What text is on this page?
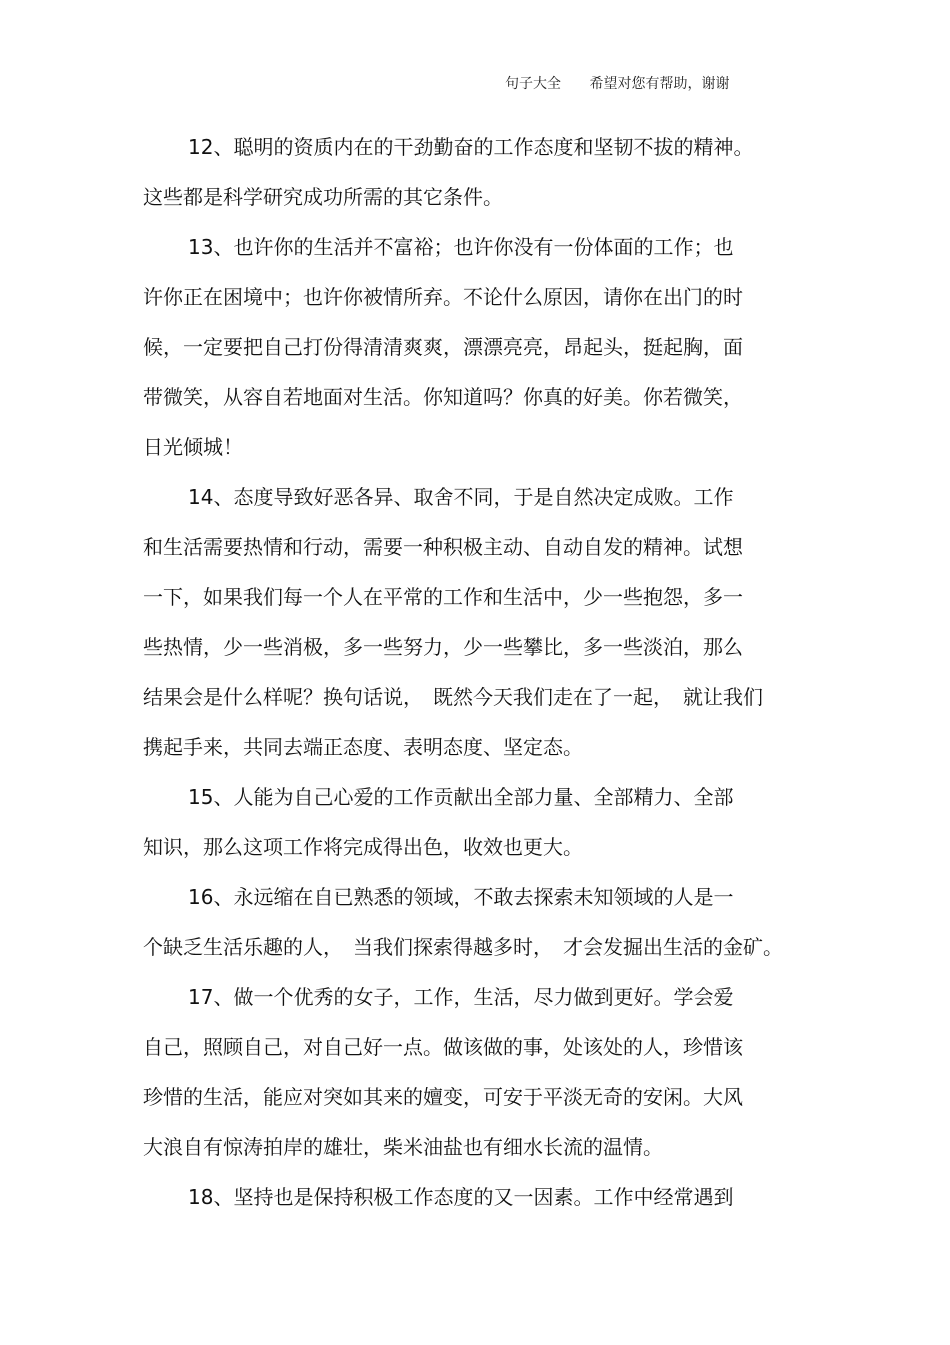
句子大全 希望对您有帮助，谢谢
12、聪明的资质内在的干劲勤奋的工作态度和坚韧不拔的精神。
这些都是科学研究成功所需的其它条件。
13、也许你的生活并不富裕；也许你没有一份体面的工作；也
许你正在困境中；也许你被情所弃。不论什么原因，请你在出门的时
候，一定要把自己打份得清清爽爽，漂漂亮亮，昂起头，挺起胸，面
带微笑，从容自若地面对生活。你知道吗？你真的好美。你若微笑，
日光倾城！
14、态度导致好恶各异、取舍不同，于是自然决定成败。工作
和生活需要热情和行动，需要一种积极主动、自动自发的精神。试想
一下，如果我们每一个人在平常的工作和生活中，少一些抱怨，多一
些热情，少一些消极，多一些努力，少一些攀比，多一些淡泊，那么
结果会是什么样呢？换句话说，　既然今天我们走在了一起，　就让我们
携起手来，共同去端正态度、表明态度、坚定态。
15、人能为自己心爱的工作贡献出全部力量、全部精力、全部
知识，那么这项工作将完成得出色，收效也更大。
16、永远缩在自已熟悉的领域，不敢去探索未知领域的人是一
个缺乏生活乐趣的人，　当我们探索得越多时，　才会发掘出生活的金矿。
17、做一个优秀的女子，工作，生活，尽力做到更好。学会爱
自己，照顾自己，对自己好一点。做该做的事，处该处的人，珍惜该
珍惜的生活，能应对突如其来的嬗变，可安于平淡无奇的安闲。大风
大浪自有惊涛拍岸的雄壮，柴米油盐也有细水长流的温情。
18、坚持也是保持积极工作态度的又一因素。工作中经常遇到
